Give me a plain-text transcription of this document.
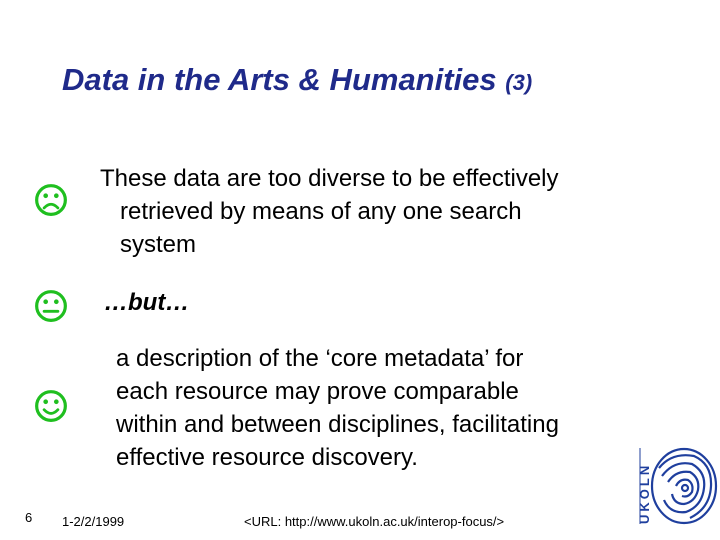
Data in the Arts & Humanities (3)
These data are too diverse to be effectively
retrieved by means of any one search
system
…but…
a description of the ‘core metadata’ for
each resource may prove comparable
within and between disciplines, facilitating
effective resource discovery.
6 1-2/2/1999	<URL: http://www.ukoln.ac.uk/interop-focus/>	UKOLN
